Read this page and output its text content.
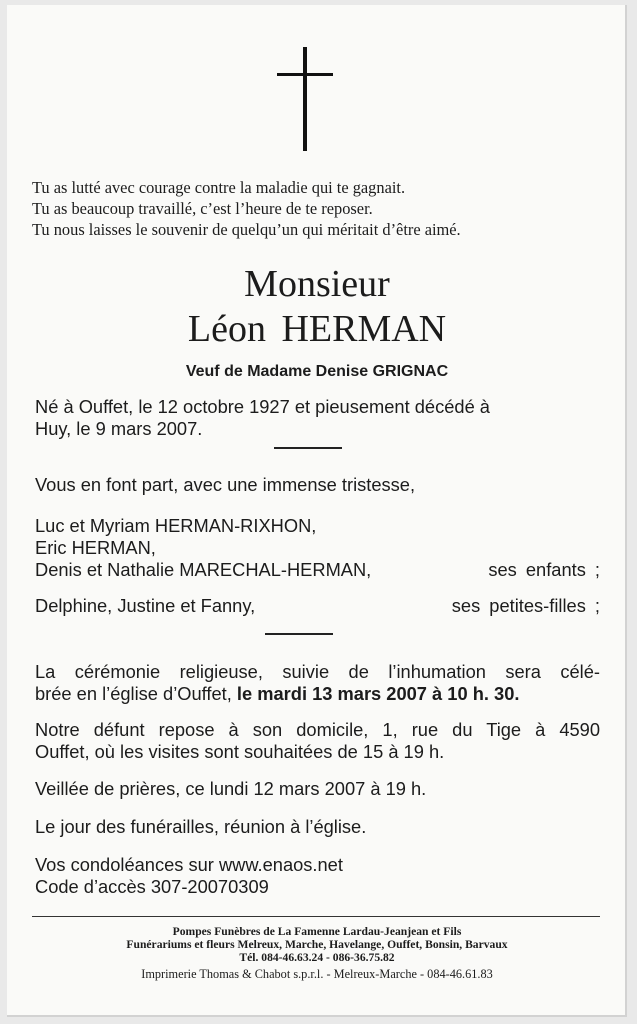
Tu as lutté avec courage contre la maladie qui te gagnait.
Tu as beaucoup travaillé, c’est l’heure de te reposer.
Tu nous laisses le souvenir de quelqu’un qui méritait d’être aimé.
Monsieur
Léon HERMAN
Veuf de Madame Denise GRIGNAC
Né à Ouffet, le 12 octobre 1927 et pieusement décédé à
Huy, le 9 mars 2007.
Vous en font part, avec une immense tristesse,
Luc et Myriam HERMAN-RIXHON,
Eric HERMAN,
Denis et Nathalie MARECHAL-HERMAN,	ses enfants ;
Delphine, Justine et Fanny,	ses petites-filles ;
La cérémonie religieuse, suivie de l’inhumation sera célé-
brée en l’église d’Ouffet, le mardi 13 mars 2007 à 10 h. 30.
Notre défunt repose à son domicile, 1, rue du Tige à 4590
Ouffet, où les visites sont souhaitées de 15 à 19 h.
Veillée de prières, ce lundi 12 mars 2007 à 19 h.
Le jour des funérailles, réunion à l’église.
Vos condoléances sur www.enaos.net
Code d’accès 307-20070309
Pompes Funèbres de La Famenne Lardau-Jeanjean et Fils
Funérariums et fleurs Melreux, Marche, Havelange, Ouffet, Bonsin, Barvaux
Tél. 084-46.63.24 - 086-36.75.82
Imprimerie Thomas & Chabot s.p.r.l. - Melreux-Marche - 084-46.61.83
